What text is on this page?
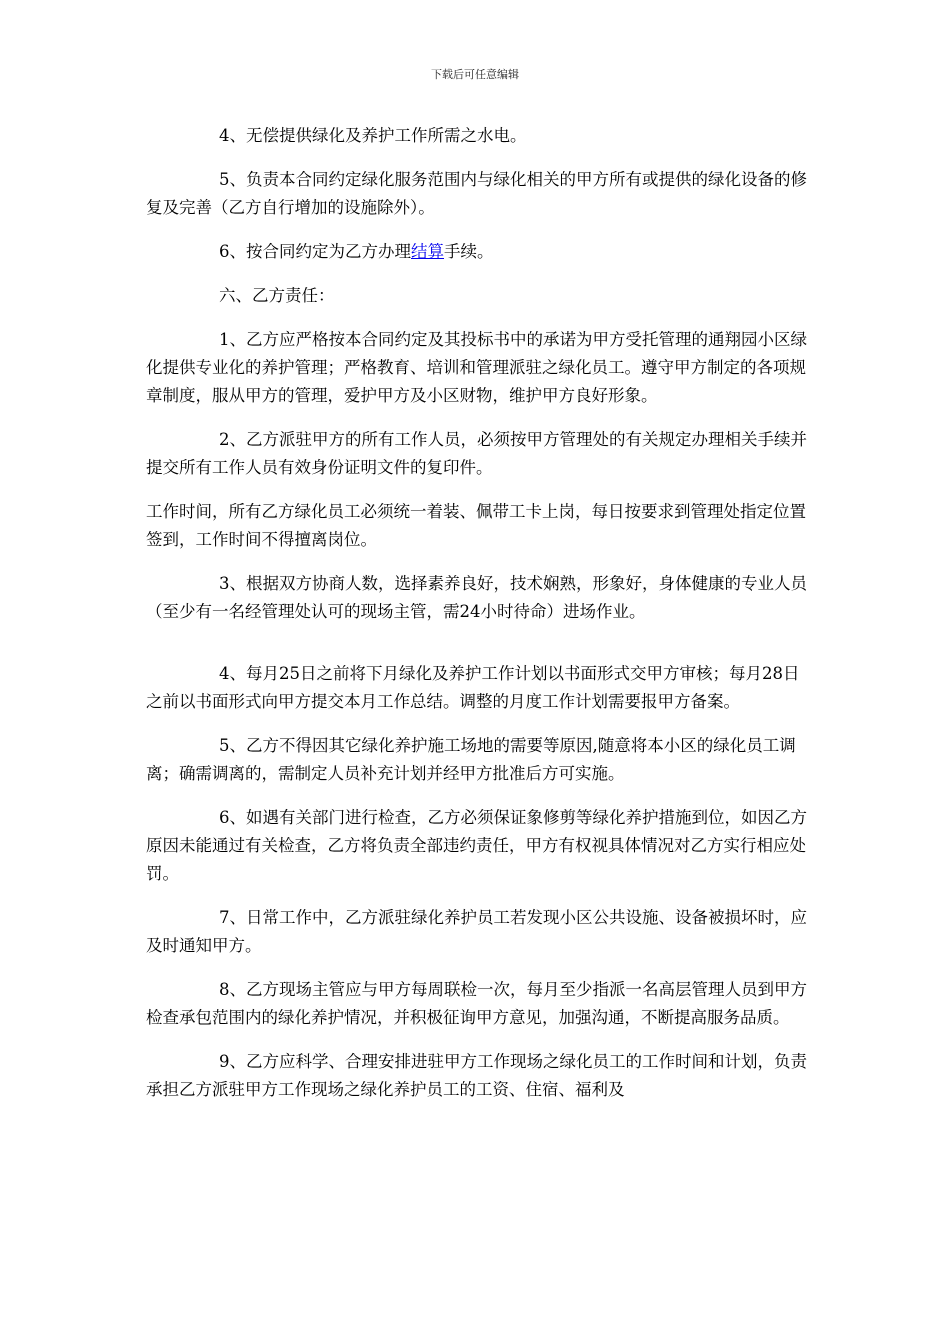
下载后可任意编辑

4、无偿提供绿化及养护工作所需之水电。

5、负责本合同约定绿化服务范围内与绿化相关的甲方所有或提供的绿化设备的修复及完善（乙方自行增加的设施除外）。

6、按合同约定为乙方办理结算手续。

六、乙方责任：

1、乙方应严格按本合同约定及其投标书中的承诺为甲方受托管理的通翔园小区绿化提供专业化的养护管理；严格教育、培训和管理派驻之绿化员工。遵守甲方制定的各项规章制度，服从甲方的管理，爱护甲方及小区财物，维护甲方良好形象。

2、乙方派驻甲方的所有工作人员，必须按甲方管理处的有关规定办理相关手续并提交所有工作人员有效身份证明文件的复印件。

工作时间，所有乙方绿化员工必须统一着装、佩带工卡上岗，每日按要求到管理处指定位置签到，工作时间不得擅离岗位。

3、根据双方协商人数，选择素养良好，技术娴熟，形象好，身体健康的专业人员（至少有一名经管理处认可的现场主管，需24小时待命）进场作业。

4、每月25日之前将下月绿化及养护工作计划以书面形式交甲方审核；每月28日之前以书面形式向甲方提交本月工作总结。调整的月度工作计划需要报甲方备案。

5、乙方不得因其它绿化养护施工场地的需要等原因,随意将本小区的绿化员工调离；确需调离的，需制定人员补充计划并经甲方批准后方可实施。

6、如遇有关部门进行检查，乙方必须保证象修剪等绿化养护措施到位，如因乙方原因未能通过有关检查，乙方将负责全部违约责任，甲方有权视具体情况对乙方实行相应处罚。

7、日常工作中，乙方派驻绿化养护员工若发现小区公共设施、设备被损坏时，应及时通知甲方。

8、乙方现场主管应与甲方每周联检一次，每月至少指派一名高层管理人员到甲方检查承包范围内的绿化养护情况，并积极征询甲方意见，加强沟通，不断提高服务品质。

9、乙方应科学、合理安排进驻甲方工作现场之绿化员工的工作时间和计划，负责承担乙方派驻甲方工作现场之绿化养护员工的工资、住宿、福利及
